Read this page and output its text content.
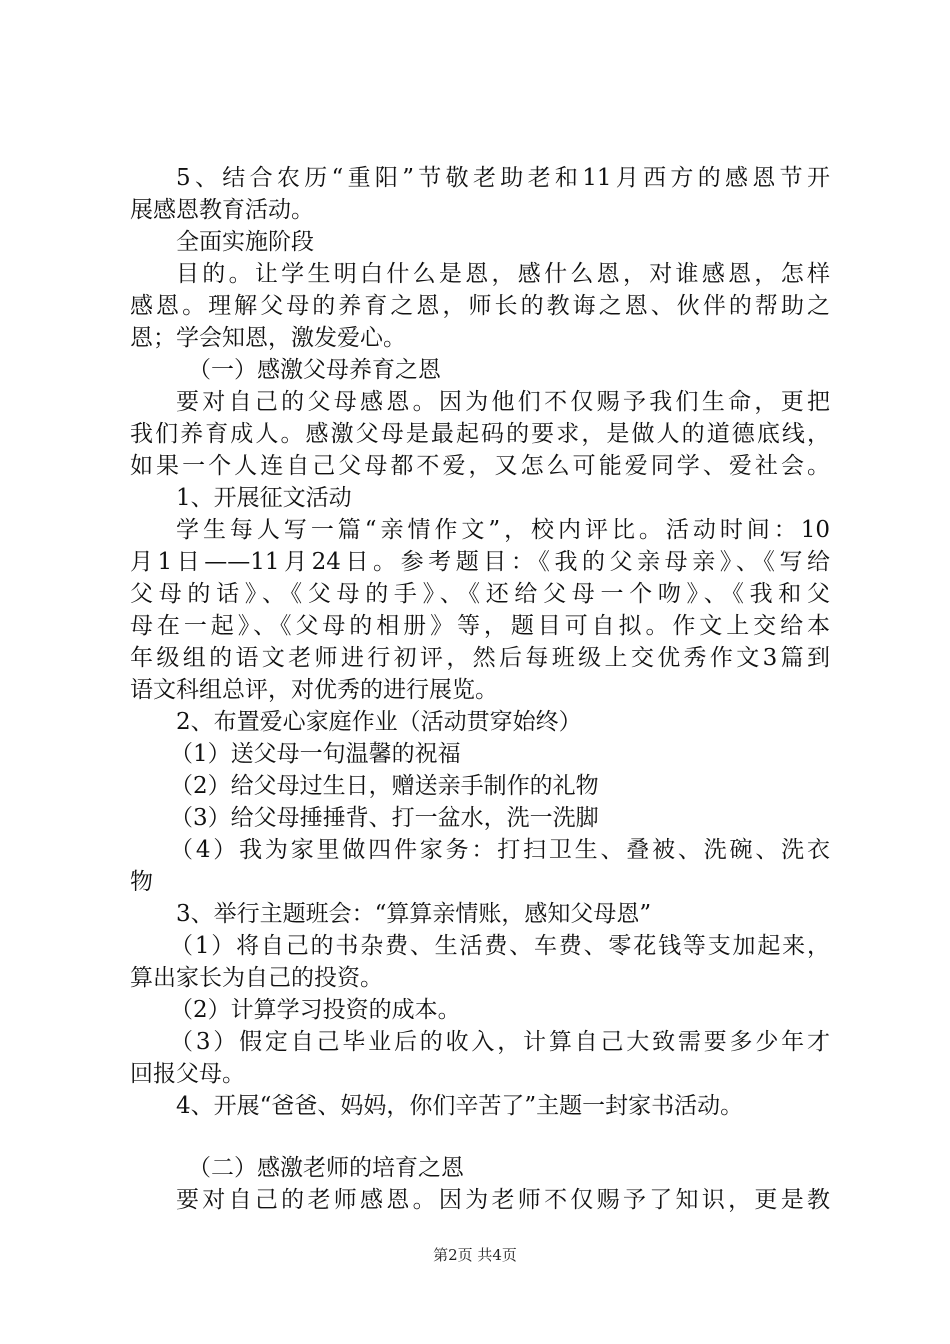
5、结合农历“重阳”节敬老助老和11月西方的感恩节开
展感恩教育活动。
全面实施阶段
目的。让学生明白什么是恩，感什么恩，对谁感恩，怎样
感恩。理解父母的养育之恩，师长的教诲之恩、伙伴的帮助之
恩；学会知恩，激发爱心。
（一）感激父母养育之恩
要对自己的父母感恩。因为他们不仅赐予我们生命，更把
我们养育成人。感激父母是最起码的要求，是做人的道德底线，
如果一个人连自己父母都不爱，又怎么可能爱同学、爱社会。
1、开展征文活动
学生每人写一篇“亲情作文”，校内评比。活动时间：10
月1日——11月24日。参考题目：《我的父亲母亲》、《写给
父母的话》、《父母的手》、《还给父母一个吻》、《我和父
母在一起》、《父母的相册》等，题目可自拟。作文上交给本
年级组的语文老师进行初评，然后每班级上交优秀作文3篇到
语文科组总评，对优秀的进行展览。
2、布置爱心家庭作业（活动贯穿始终）
（1）送父母一句温馨的祝福
（2）给父母过生日，赠送亲手制作的礼物
（3）给父母捶捶背、打一盆水，洗一洗脚
（4）我为家里做四件家务：打扫卫生、叠被、洗碗、洗衣
物
3、举行主题班会：“算算亲情账，感知父母恩”
（1）将自己的书杂费、生活费、车费、零花钱等支加起来，
算出家长为自己的投资。
（2）计算学习投资的成本。
（3）假定自己毕业后的收入，计算自己大致需要多少年才
回报父母。
4、开展“爸爸、妈妈，你们辛苦了”主题一封家书活动。
（二）感激老师的培育之恩
要对自己的老师感恩。因为老师不仅赐予了知识，更是教
第2页 共4页
